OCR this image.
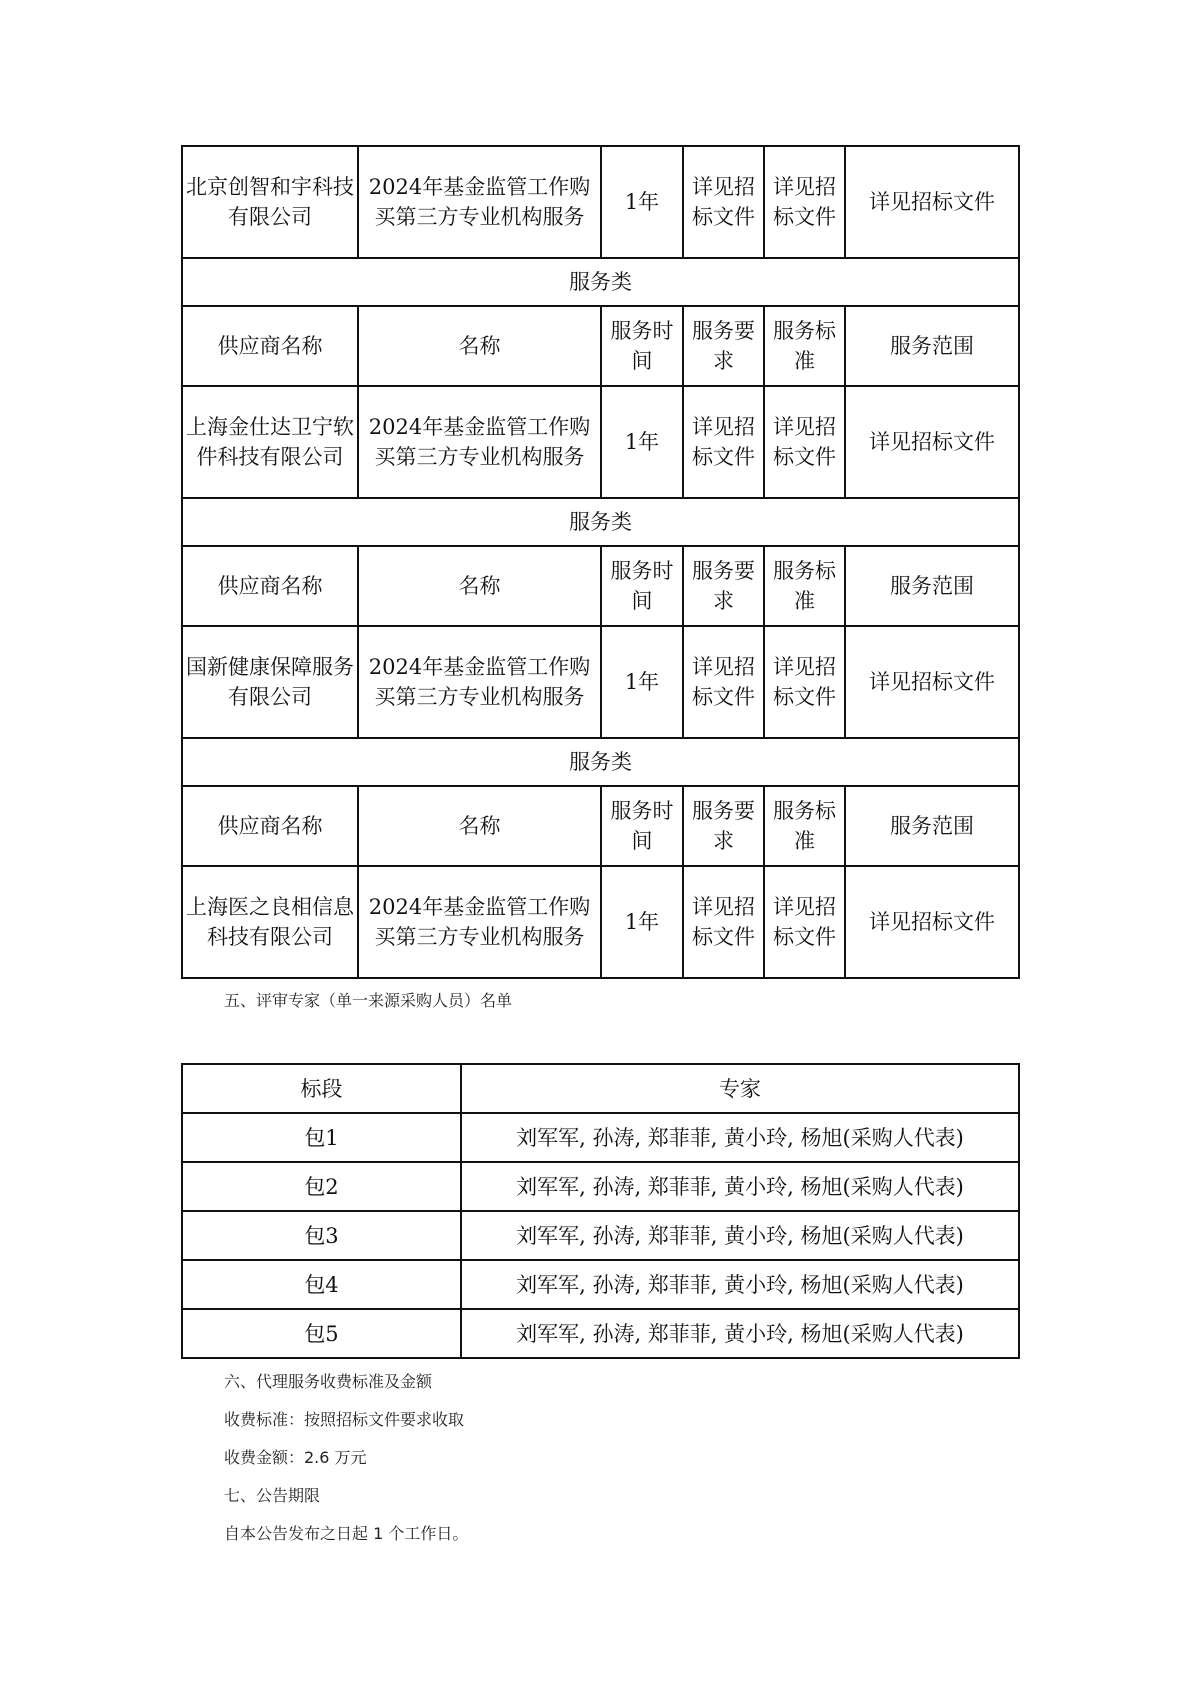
北京创智和宇科技有限公司	2024年基金监管工作购买第三方专业机构服务	1年	详见招标文件	详见招标文件	详见招标文件
服务类					
供应商名称	名称	服务时间	服务要求	服务标准	服务范围
上海金仕达卫宁软件科技有限公司	2024年基金监管工作购买第三方专业机构服务	1年	详见招标文件	详见招标文件	详见招标文件
服务类					
供应商名称	名称	服务时间	服务要求	服务标准	服务范围
国新健康保障服务有限公司	2024年基金监管工作购买第三方专业机构服务	1年	详见招标文件	详见招标文件	详见招标文件
服务类					
供应商名称	名称	服务时间	服务要求	服务标准	服务范围
上海医之良相信息科技有限公司	2024年基金监管工作购买第三方专业机构服务	1年	详见招标文件	详见招标文件	详见招标文件
五、评审专家（单一来源采购人员）名单
标段	专家
包1	刘军军, 孙涛, 郑菲菲, 黄小玲, 杨旭(采购人代表)
包2	刘军军, 孙涛, 郑菲菲, 黄小玲, 杨旭(采购人代表)
包3	刘军军, 孙涛, 郑菲菲, 黄小玲, 杨旭(采购人代表)
包4	刘军军, 孙涛, 郑菲菲, 黄小玲, 杨旭(采购人代表)
包5	刘军军, 孙涛, 郑菲菲, 黄小玲, 杨旭(采购人代表)
六、代理服务收费标准及金额
收费标准：按照招标文件要求收取
收费金额：2.6 万元
七、公告期限
自本公告发布之日起 1 个工作日。
